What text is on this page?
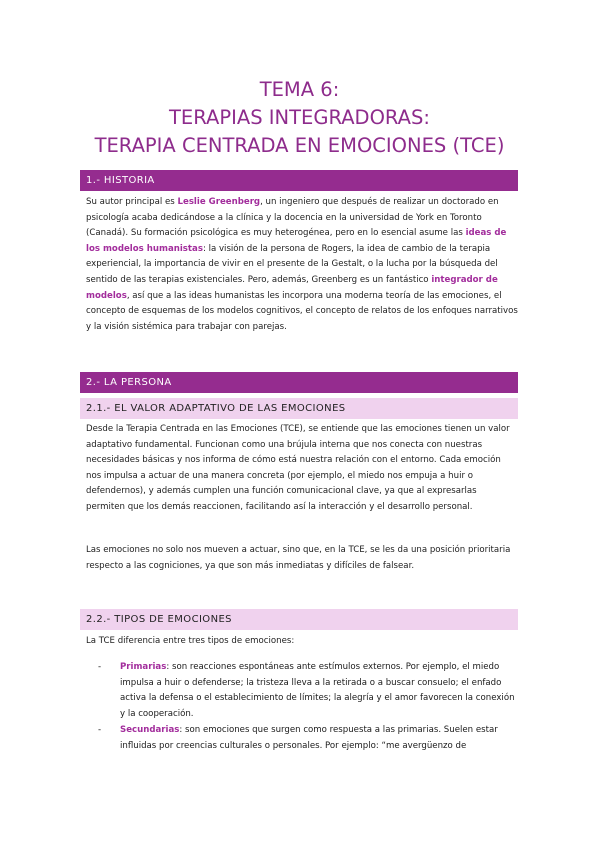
TEMA 6:
TERAPIAS INTEGRADORAS:
TERAPIA CENTRADA EN EMOCIONES (TCE)
1.- HISTORIA
Su autor principal es Leslie Greenberg, un ingeniero que después de realizar un doctorado en psicología acaba dedicándose a la clínica y la docencia en la universidad de York en Toronto (Canadá). Su formación psicológica es muy heterogénea, pero en lo esencial asume las ideas de los modelos humanistas: la visión de la persona de Rogers, la idea de cambio de la terapia experiencial, la importancia de vivir en el presente de la Gestalt, o la lucha por la búsqueda del sentido de las terapias existenciales. Pero, además, Greenberg es un fantástico integrador de modelos, así que a las ideas humanistas les incorpora una moderna teoría de las emociones, el concepto de esquemas de los modelos cognitivos, el concepto de relatos de los enfoques narrativos y la visión sistémica para trabajar con parejas.
2.- LA PERSONA
2.1.- EL VALOR ADAPTATIVO DE LAS EMOCIONES
Desde la Terapia Centrada en las Emociones (TCE), se entiende que las emociones tienen un valor adaptativo fundamental. Funcionan como una brújula interna que nos conecta con nuestras necesidades básicas y nos informa de cómo está nuestra relación con el entorno. Cada emoción nos impulsa a actuar de una manera concreta (por ejemplo, el miedo nos empuja a huir o defendernos), y además cumplen una función comunicacional clave, ya que al expresarlas permiten que los demás reaccionen, facilitando así la interacción y el desarrollo personal.
Las emociones no solo nos mueven a actuar, sino que, en la TCE, se les da una posición prioritaria respecto a las cogniciones, ya que son más inmediatas y difíciles de falsear.
2.2.- TIPOS DE EMOCIONES
La TCE diferencia entre tres tipos de emociones:
- Primarias: son reacciones espontáneas ante estímulos externos. Por ejemplo, el miedo impulsa a huir o defenderse; la tristeza lleva a la retirada o a buscar consuelo; el enfado activa la defensa o el establecimiento de límites; la alegría y el amor favorecen la conexión y la cooperación.
- Secundarias: son emociones que surgen como respuesta a las primarias. Suelen estar influidas por creencias culturales o personales. Por ejemplo: “me avergüenzo de
